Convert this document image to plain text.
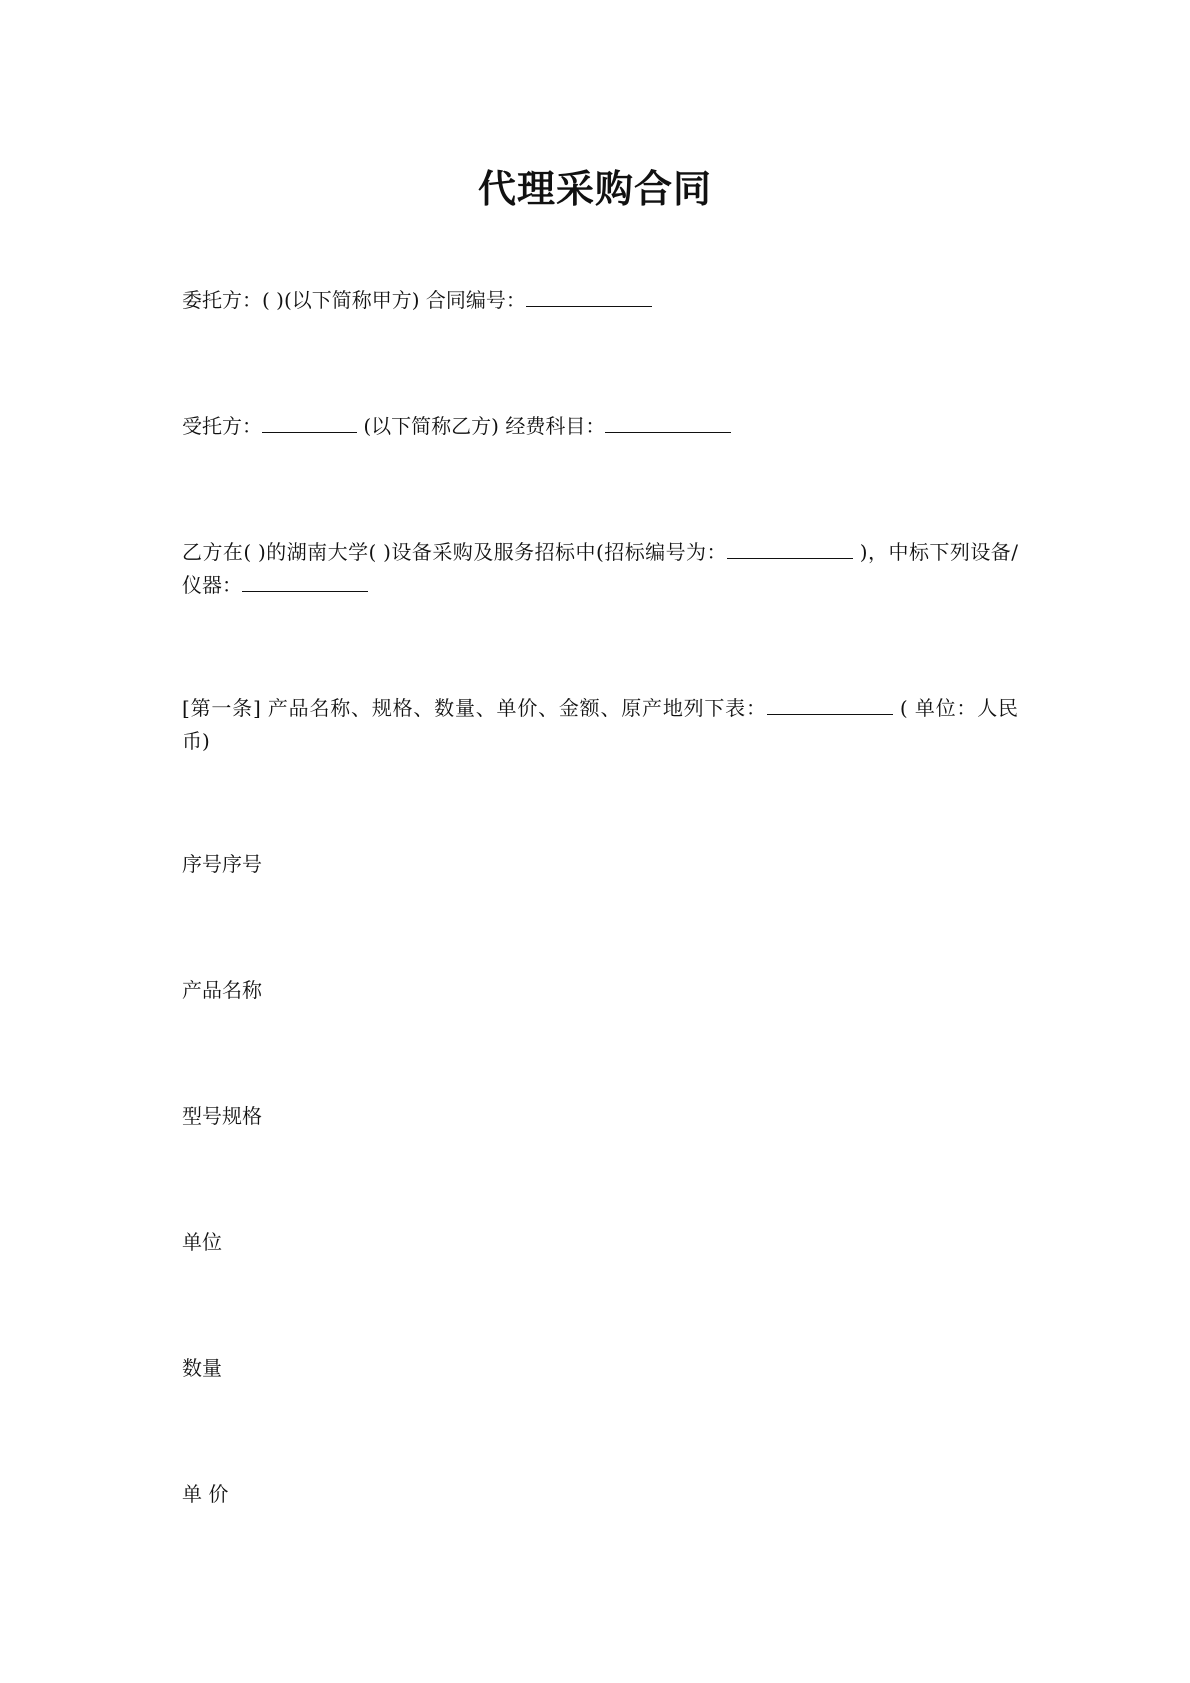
代理采购合同
委托方：( )(以下简称甲方) 合同编号：
受托方：	(以下简称乙方) 经费科目：
乙方在( )的湖南大学( )设备采购及服务招标中(招标编号为：	)，中标下列设备/仪器：
[第一条] 产品名称、规格、数量、单价、金额、原产地列下表：	( 单位：人民币)
序号序号
产品名称
型号规格
单位
数量
单 价
